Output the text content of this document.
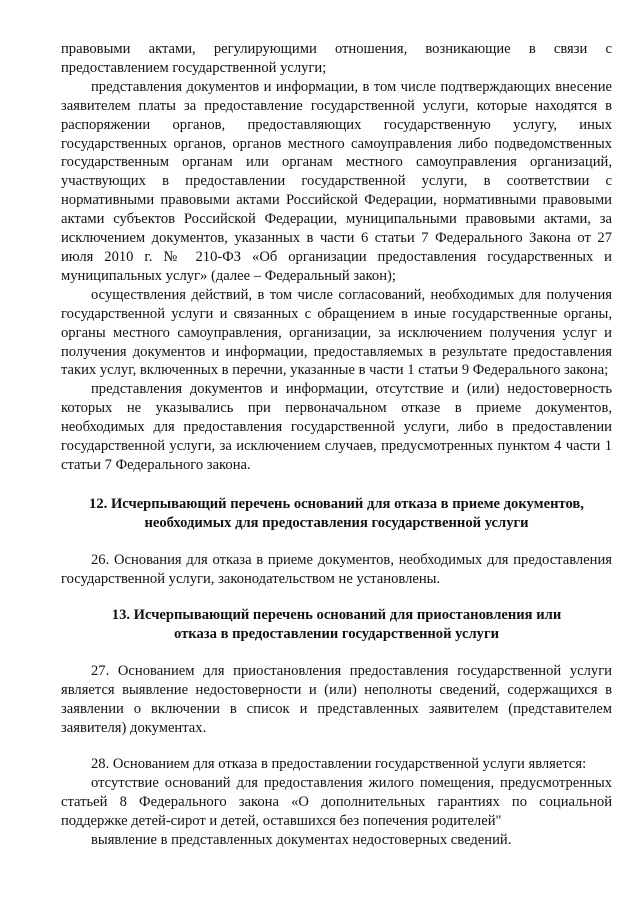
правовыми актами, регулирующими отношения, возникающие в связи с предоставлением государственной услуги;

представления документов и информации, в том числе подтверждающих внесение заявителем платы за предоставление государственной услуги, которые находятся в распоряжении органов, предоставляющих государственную услугу, иных государственных органов, органов местного самоуправления либо подведомственных государственным органам или органам местного самоуправления организаций, участвующих в предоставлении государственной услуги, в соответствии с нормативными правовыми актами Российской Федерации, нормативными правовыми актами субъектов Российской Федерации, муниципальными правовыми актами, за исключением документов, указанных в части 6 статьи 7 Федерального Закона от 27 июля 2010 г. № 210-ФЗ «Об организации предоставления государственных и муниципальных услуг» (далее – Федеральный закон);

осуществления действий, в том числе согласований, необходимых для получения государственной услуги и связанных с обращением в иные государственные органы, органы местного самоуправления, организации, за исключением получения услуг и получения документов и информации, предоставляемых в результате предоставления таких услуг, включенных в перечни, указанные в части 1 статьи 9 Федерального закона;

представления документов и информации, отсутствие и (или) недостоверность которых не указывались при первоначальном отказе в приеме документов, необходимых для предоставления государственной услуги, либо в предоставлении государственной услуги, за исключением случаев, предусмотренных пунктом 4 части 1 статьи 7 Федерального закона.

12. Исчерпывающий перечень оснований для отказа в приеме документов,

необходимых для предоставления государственной услуги

26. Основания для отказа в приеме документов, необходимых для предоставления государственной услуги, законодательством не установлены.

13. Исчерпывающий перечень оснований для приостановления или

отказа в предоставлении государственной услуги

27. Основанием для приостановления предоставления государственной услуги является выявление недостоверности и (или) неполноты сведений, содержащихся в заявлении о включении в список и представленных заявителем (представителем заявителя) документах.

28. Основанием для отказа в предоставлении государственной услуги является:

отсутствие оснований для предоставления жилого помещения, предусмотренных статьей 8 Федерального закона «О дополнительных гарантиях по социальной поддержке детей-сирот и детей, оставшихся без попечения родителей"

выявление в представленных документах недостоверных сведений.
